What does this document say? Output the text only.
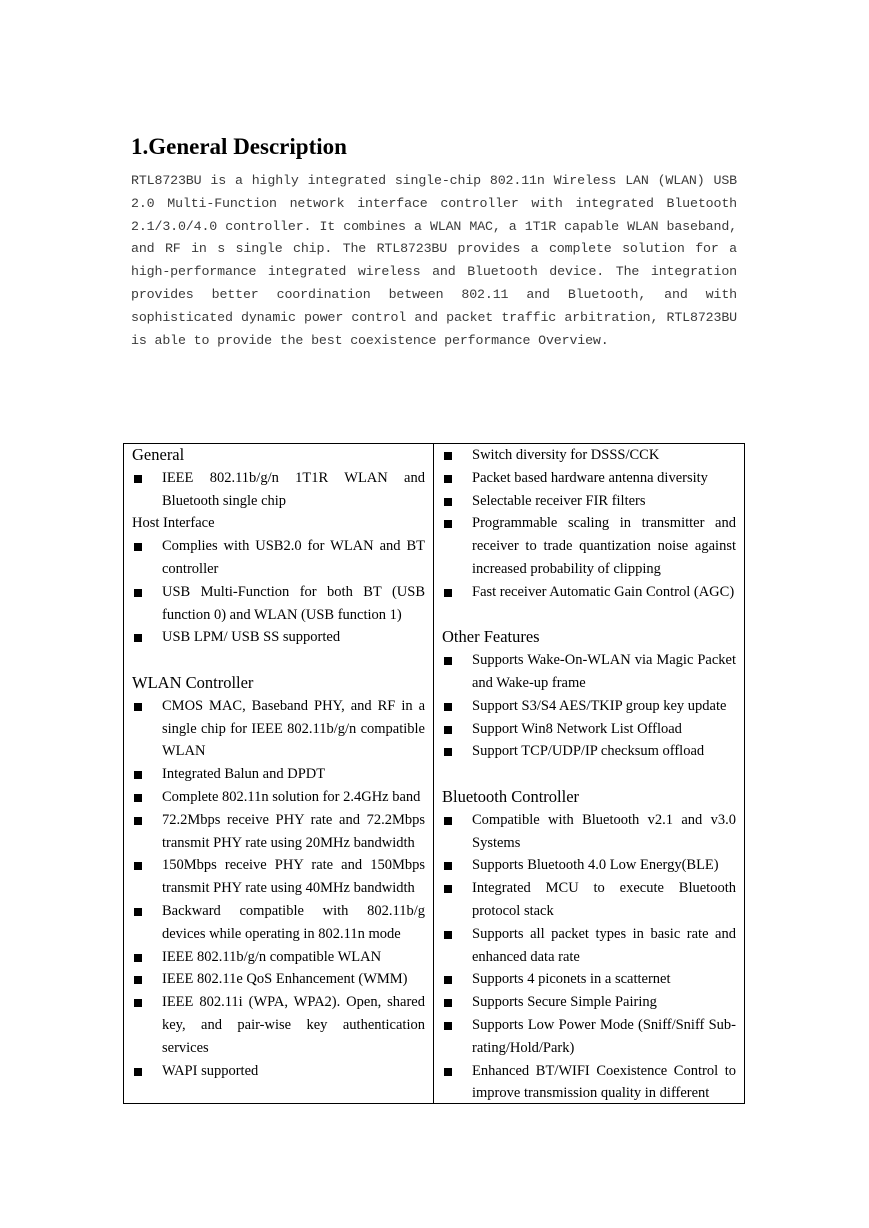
1.General Description

RTL8723BU is a highly integrated single-chip 802.11n Wireless LAN (WLAN) USB 2.0 Multi-Function network interface controller with integrated Bluetooth 2.1/3.0/4.0 controller. It combines a WLAN MAC, a 1T1R capable WLAN baseband, and RF in s single chip. The RTL8723BU provides a complete solution for a high-performance integrated wireless and Bluetooth device. The integration provides better coordination between 802.11 and Bluetooth, and with sophisticated dynamic power control and packet traffic arbitration, RTL8723BU is able to provide the best coexistence performance Overview.

General

IEEE 802.11b/g/n 1T1R WLAN and Bluetooth single chip

Host Interface

Complies with USB2.0 for WLAN and BT controller
USB Multi-Function for both BT (USB function 0) and WLAN (USB function 1)
USB LPM/ USB SS supported

WLAN Controller

CMOS MAC, Baseband PHY, and RF in a single chip for IEEE 802.11b/g/n compatible WLAN
Integrated Balun and DPDT
Complete 802.11n solution for 2.4GHz band
72.2Mbps receive PHY rate and 72.2Mbps transmit PHY rate using 20MHz bandwidth
150Mbps receive PHY rate and 150Mbps transmit PHY rate using 40MHz bandwidth
Backward compatible with 802.11b/g devices while operating in 802.11n mode
IEEE 802.11b/g/n compatible WLAN
IEEE 802.11e QoS Enhancement (WMM)
IEEE 802.11i (WPA, WPA2). Open, shared key, and pair-wise key authentication services
WAPI supported
Switch diversity for DSSS/CCK
Packet based hardware antenna diversity
Selectable receiver FIR filters
Programmable scaling in transmitter and receiver to trade quantization noise against increased probability of clipping
Fast receiver Automatic Gain Control (AGC)

Other Features

Supports Wake-On-WLAN via Magic Packet and Wake-up frame
Support S3/S4 AES/TKIP group key update
Support Win8 Network List Offload
Support TCP/UDP/IP checksum offload

Bluetooth Controller

Compatible with Bluetooth v2.1 and v3.0 Systems
Supports Bluetooth 4.0 Low Energy(BLE)
Integrated MCU to execute Bluetooth protocol stack
Supports all packet types in basic rate and enhanced data rate
Supports 4 piconets in a scatternet
Supports Secure Simple Pairing
Supports Low Power Mode (Sniff/Sniff Sub-rating/Hold/Park)
Enhanced BT/WIFI Coexistence Control to improve transmission quality in different
